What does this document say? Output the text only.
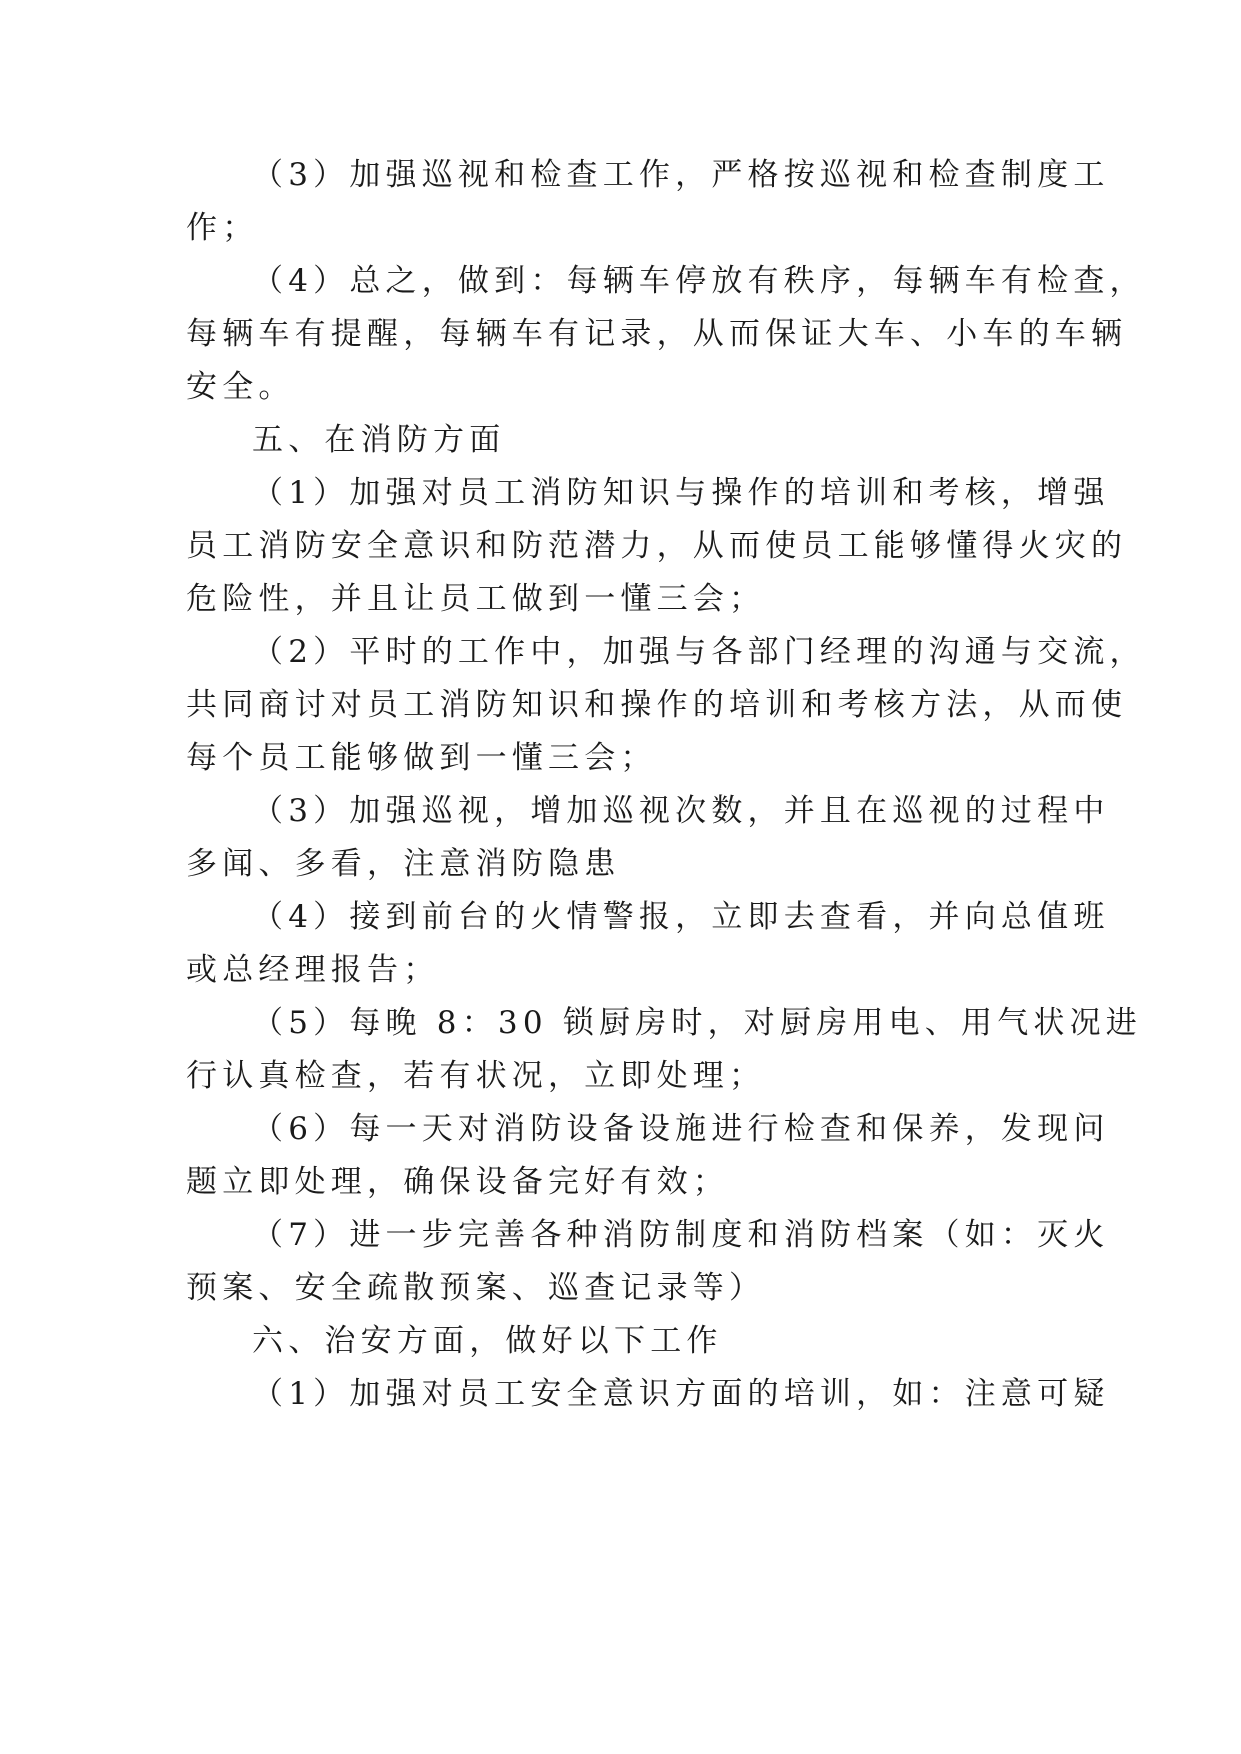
（3）加强巡视和检查工作，严格按巡视和检查制度工
作；
（4）总之，做到：每辆车停放有秩序，每辆车有检查，
每辆车有提醒，每辆车有记录，从而保证大车、小车的车辆
安全。
五、在消防方面
（1）加强对员工消防知识与操作的培训和考核，增强
员工消防安全意识和防范潜力，从而使员工能够懂得火灾的
危险性，并且让员工做到一懂三会；
（2）平时的工作中，加强与各部门经理的沟通与交流，
共同商讨对员工消防知识和操作的培训和考核方法，从而使
每个员工能够做到一懂三会；
（3）加强巡视，增加巡视次数，并且在巡视的过程中
多闻、多看，注意消防隐患
（4）接到前台的火情警报，立即去查看，并向总值班
或总经理报告；
（5）每晚 8：30 锁厨房时，对厨房用电、用气状况进
行认真检查，若有状况，立即处理；
（6）每一天对消防设备设施进行检查和保养，发现问
题立即处理，确保设备完好有效；
（7）进一步完善各种消防制度和消防档案（如：灭火
预案、安全疏散预案、巡查记录等）
六、治安方面，做好以下工作
（1）加强对员工安全意识方面的培训，如：注意可疑
